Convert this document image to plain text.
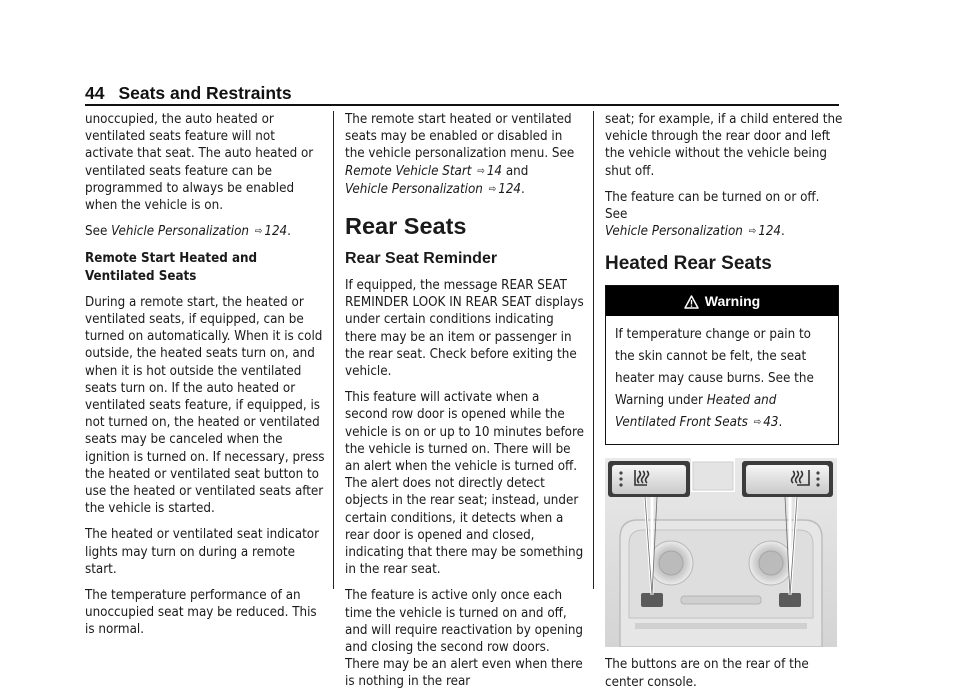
44 Seats and Restraints

unoccupied, the auto heated or ventilated seats feature will not activate that seat. The auto heated or ventilated seats feature can be programmed to always be enabled when the vehicle is on.

See Vehicle Personalization ⇨ 124.

Remote Start Heated and Ventilated Seats

During a remote start, the heated or ventilated seats, if equipped, can be turned on automatically. When it is cold outside, the heated seats turn on, and when it is hot outside the ventilated seats turn on. If the auto heated or ventilated seats feature, if equipped, is not turned on, the heated or ventilated seats may be canceled when the ignition is turned on. If necessary, press the heated or ventilated seat button to use the heated or ventilated seats after the vehicle is started.

The heated or ventilated seat indicator lights may turn on during a remote start.

The temperature performance of an unoccupied seat may be reduced. This is normal.

The remote start heated or ventilated seats may be enabled or disabled in the vehicle personalization menu. See Remote Vehicle Start ⇨ 14 and
Vehicle Personalization ⇨ 124.

Rear Seats
Rear Seat Reminder

If equipped, the message REAR SEAT REMINDER LOOK IN REAR SEAT displays under certain conditions indicating there may be an item or passenger in the rear seat. Check before exiting the vehicle.

This feature will activate when a second row door is opened while the vehicle is on or up to 10 minutes before the vehicle is turned on. There will be an alert when the vehicle is turned off. The alert does not directly detect objects in the rear seat; instead, under certain conditions, it detects when a rear door is opened and closed, indicating that there may be something in the rear seat.

The feature is active only once each time the vehicle is turned on and off, and will require reactivation by opening and closing the second row doors. There may be an alert even when there is nothing in the rear

seat; for example, if a child entered the vehicle through the rear door and left the vehicle without the vehicle being shut off.

The feature can be turned on or off. See
Vehicle Personalization ⇨ 124.

Heated Rear Seats
Warning
If temperature change or pain to the skin cannot be felt, the seat heater may cause burns. See the Warning under Heated and Ventilated Front Seats ⇨ 43.

The buttons are on the rear of the center console.
